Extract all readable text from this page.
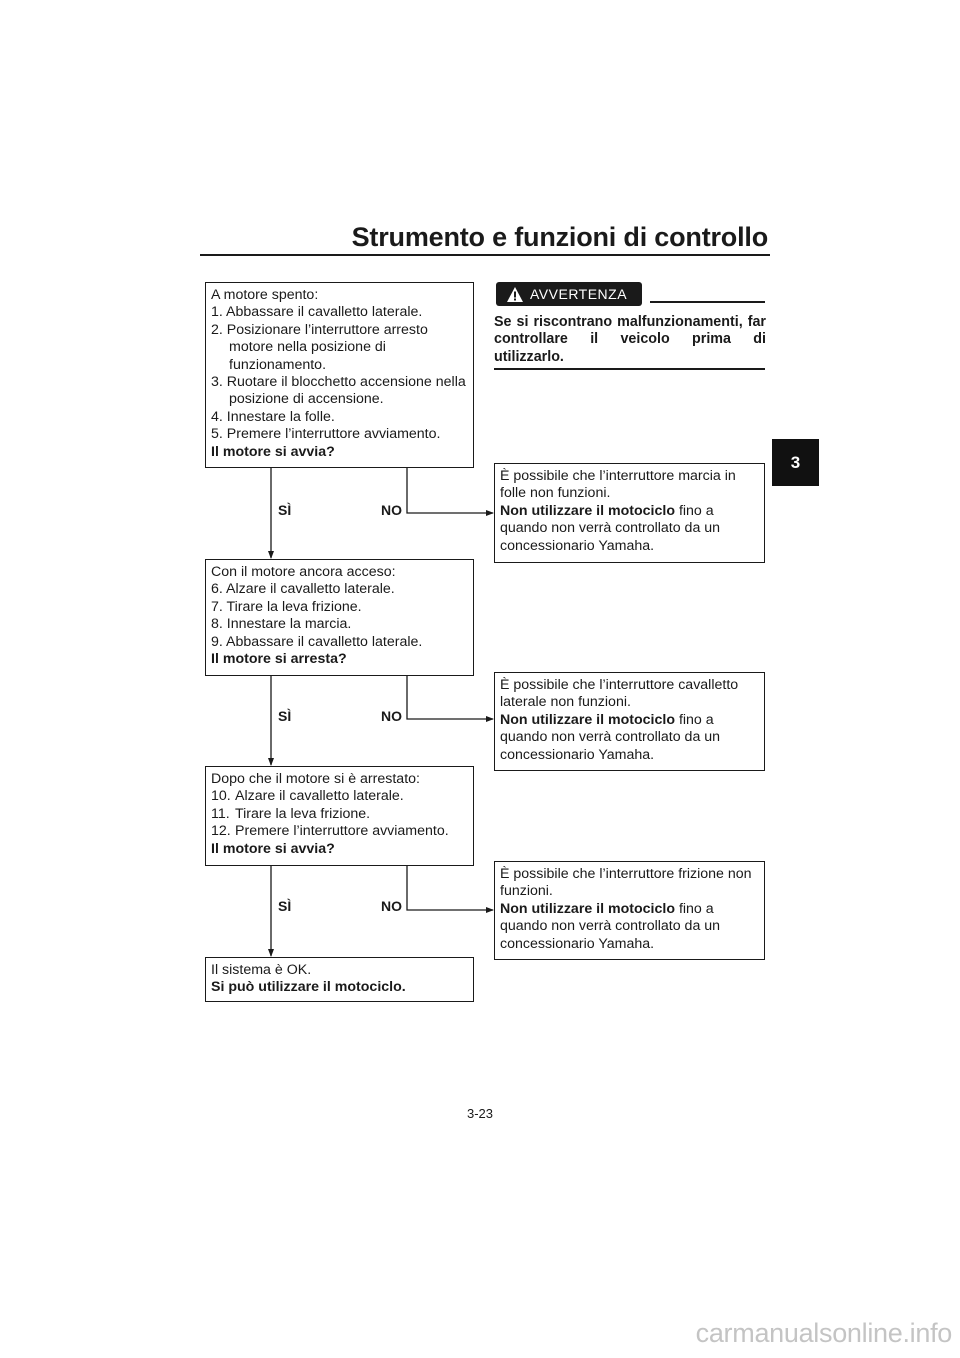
Strumento e funzioni di controllo
3
AVVERTENZA
Se si riscontrano malfunzionamenti, far controllare il veicolo prima di utilizzarlo.
A motore spento:
1. Abbassare il cavalletto laterale.
2. Posizionare l’interruttore arresto
motore nella posizione di
funzionamento.
3. Ruotare il blocchetto accensione nella
posizione di accensione.
4. Innestare la folle.
5. Premere l’interruttore avviamento.
Il motore si avvia?
Con il motore ancora acceso:
6. Alzare il cavalletto laterale.
7. Tirare la leva frizione.
8. Innestare la marcia.
9. Abbassare il cavalletto laterale.
Il motore si arresta?
Dopo che il motore si è arrestato:
10. Alzare il cavalletto laterale.
11. Tirare la leva frizione.
12. Premere l’interruttore avviamento.
Il motore si avvia?
Il sistema è OK.
Si può utilizzare il motociclo.
È possibile che l’interruttore marcia in
folle non funzioni.
Non utilizzare il motociclo fino a
quando non verrà controllato da un
concessionario Yamaha.
È possibile che l’interruttore cavalletto
laterale non funzioni.
Non utilizzare il motociclo fino a
quando non verrà controllato da un
concessionario Yamaha.
È possibile che l’interruttore frizione non
funzioni.
Non utilizzare il motociclo fino a
quando non verrà controllato da un
concessionario Yamaha.
SÌ	NO
SÌ	NO
SÌ	NO
3-23
carmanualsonline.info
